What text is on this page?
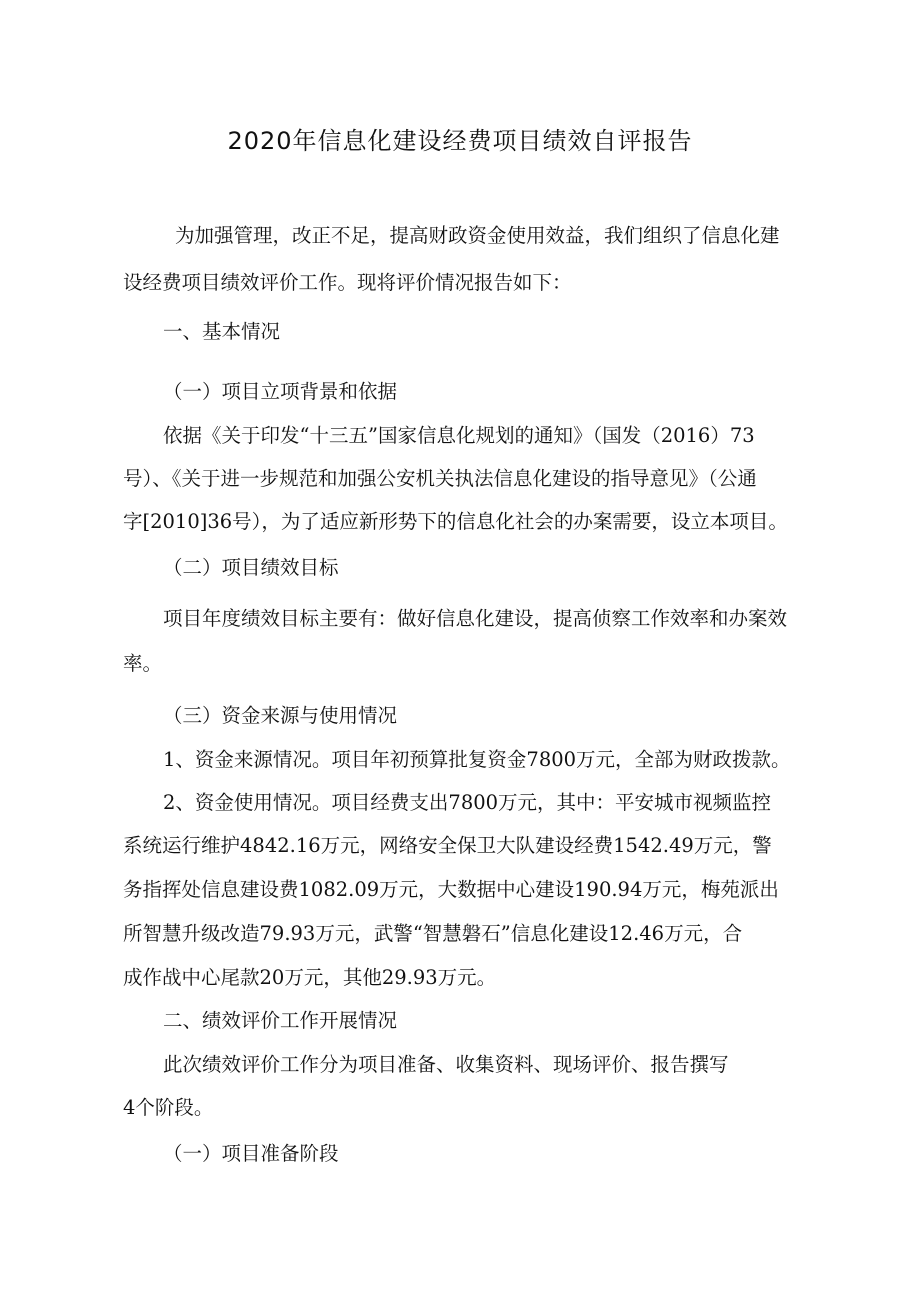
2020年信息化建设经费项目绩效自评报告
为加强管理，改正不足，提高财政资金使用效益，我们组织了信息化建
设经费项目绩效评价工作。现将评价情况报告如下：
一、基本情况
（一）项目立项背景和依据
依据《关于印发“十三五”国家信息化规划的通知》（国发（2016）73
号）、《关于进一步规范和加强公安机关执法信息化建设的指导意见》（公通
字[2010]36号），为了适应新形势下的信息化社会的办案需要，设立本项目。
（二）项目绩效目标
项目年度绩效目标主要有：做好信息化建设，提高侦察工作效率和办案效
率。
（三）资金来源与使用情况
1、资金来源情况。项目年初预算批复资金7800万元，全部为财政拨款。
2、资金使用情况。项目经费支出7800万元，其中：平安城市视频监控
系统运行维护4842.16万元，网络安全保卫大队建设经费1542.49万元，警
务指挥处信息建设费1082.09万元，大数据中心建设190.94万元，梅苑派出
所智慧升级改造79.93万元，武警“智慧磐石”信息化建设12.46万元，合
成作战中心尾款20万元，其他29.93万元。
二、绩效评价工作开展情况
此次绩效评价工作分为项目准备、收集资料、现场评价、报告撰写
4个阶段。
（一）项目准备阶段
